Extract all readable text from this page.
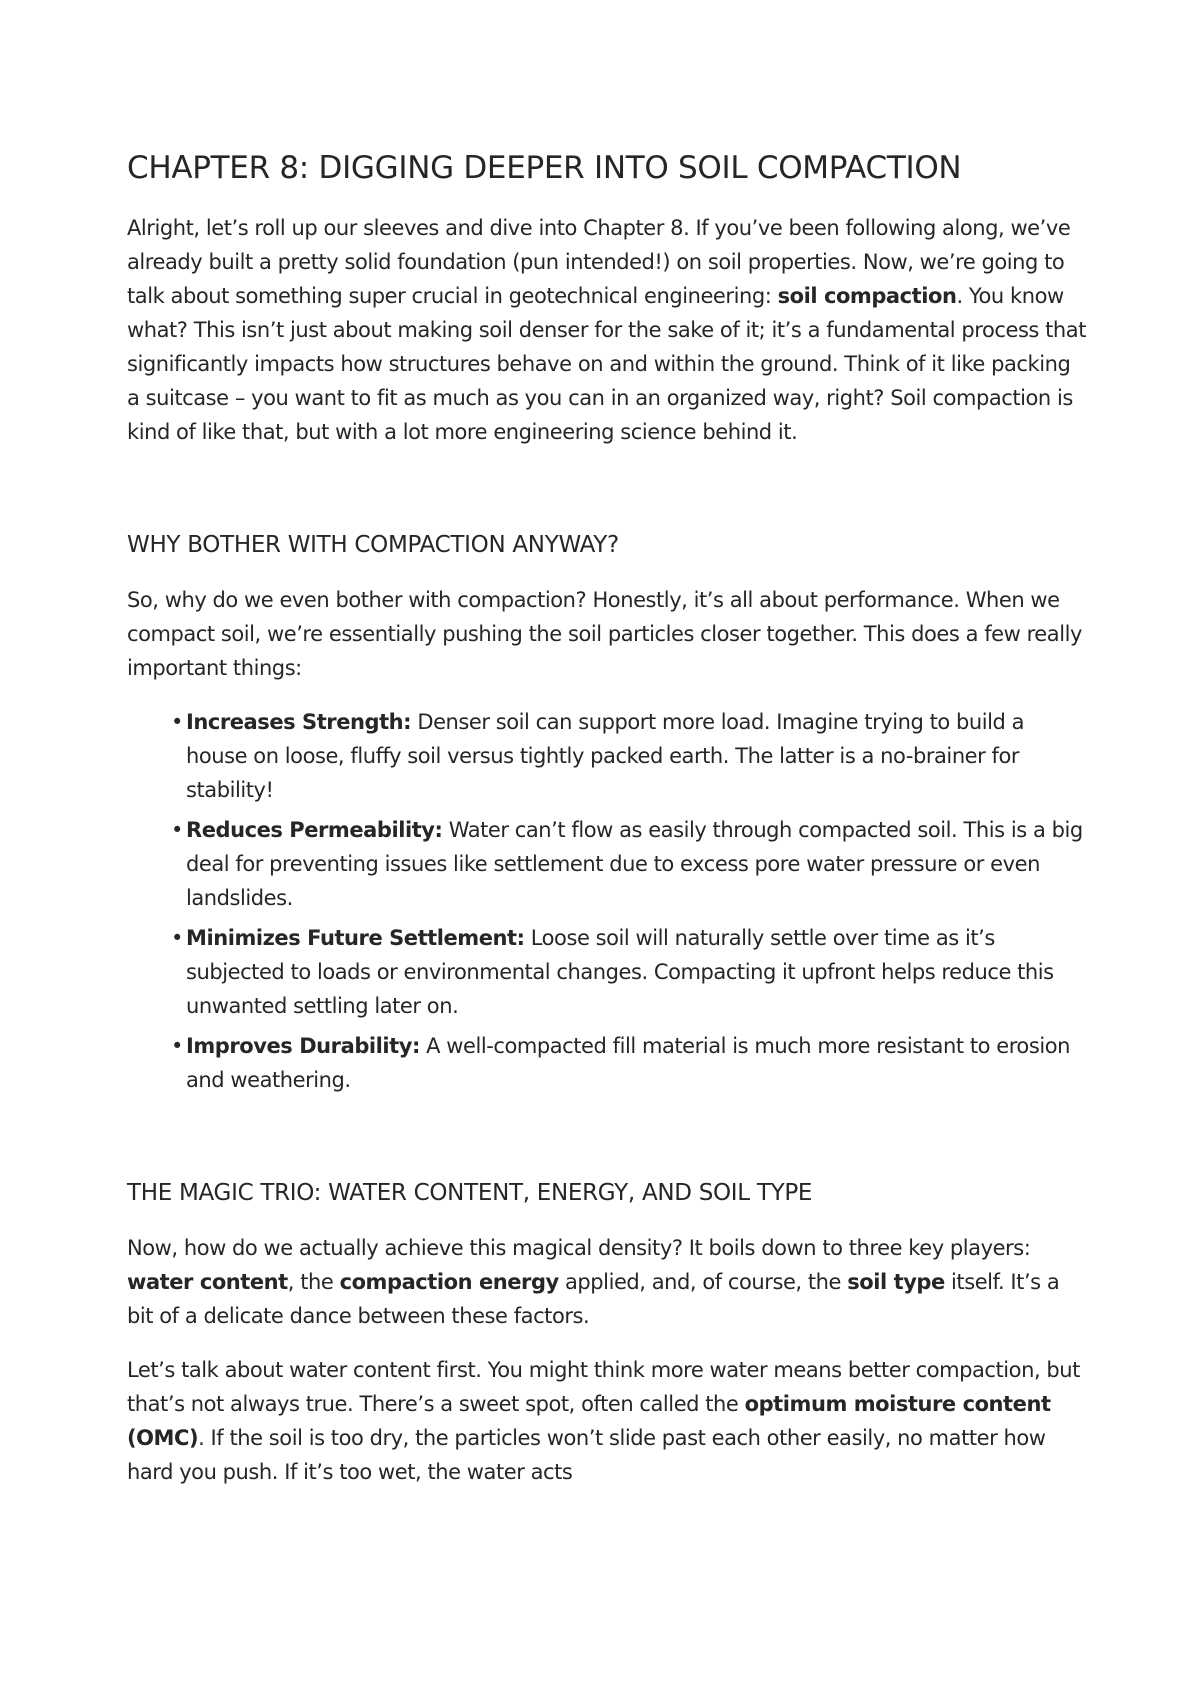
CHAPTER 8: DIGGING DEEPER INTO SOIL COMPACTION

Alright, let’s roll up our sleeves and dive into Chapter 8. If you’ve been following along, we’ve already built a pretty solid foundation (pun intended!) on soil properties. Now, we’re going to talk about something super crucial in geotechnical engineering: soil compaction. You know what? This isn’t just about making soil denser for the sake of it; it’s a fundamental process that significantly impacts how structures behave on and within the ground. Think of it like packing a suitcase – you want to fit as much as you can in an organized way, right? Soil compaction is kind of like that, but with a lot more engineering science behind it.

WHY BOTHER WITH COMPACTION ANYWAY?

So, why do we even bother with compaction? Honestly, it’s all about performance. When we compact soil, we’re essentially pushing the soil particles closer together. This does a few really important things:

• Increases Strength: Denser soil can support more load. Imagine trying to build a house on loose, fluffy soil versus tightly packed earth. The latter is a no-brainer for stability!
• Reduces Permeability: Water can’t flow as easily through compacted soil. This is a big deal for preventing issues like settlement due to excess pore water pressure or even landslides.
• Minimizes Future Settlement: Loose soil will naturally settle over time as it’s subjected to loads or environmental changes. Compacting it upfront helps reduce this unwanted settling later on.
• Improves Durability: A well-compacted fill material is much more resistant to erosion and weathering.
THE MAGIC TRIO: WATER CONTENT, ENERGY, AND SOIL TYPE

Now, how do we actually achieve this magical density? It boils down to three key players: water content, the compaction energy applied, and, of course, the soil type itself. It’s a bit of a delicate dance between these factors.

Let’s talk about water content first. You might think more water means better compaction, but that’s not always true. There’s a sweet spot, often called the optimum moisture content (OMC). If the soil is too dry, the particles won’t slide past each other easily, no matter how hard you push. If it’s too wet, the water acts
